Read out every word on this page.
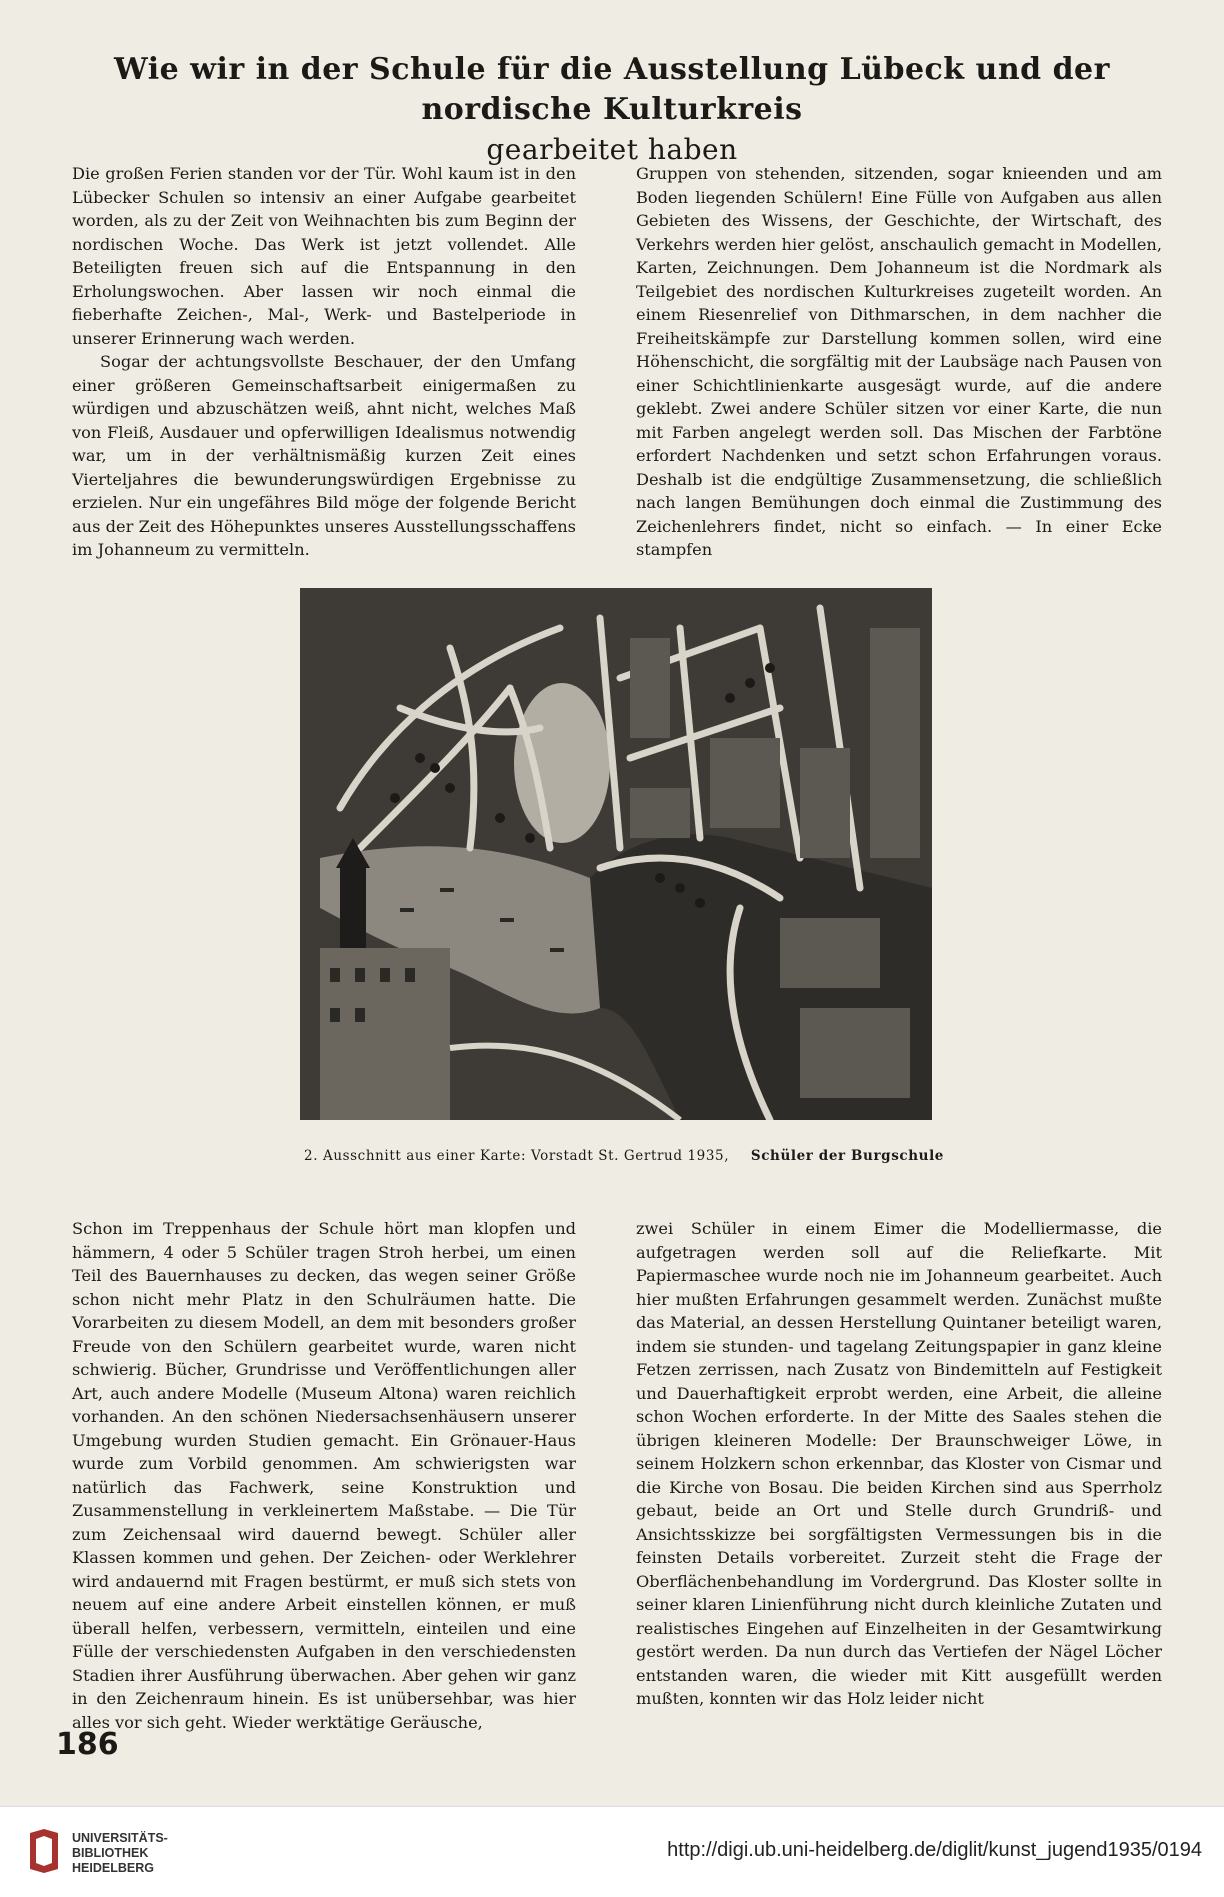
Wie wir in der Schule für die Ausstellung Lübeck und der nordische Kulturkreis
gearbeitet haben

Die großen Ferien standen vor der Tür. Wohl kaum ist in den Lübecker Schulen so intensiv an einer Aufgabe gearbeitet worden, als zu der Zeit von Weihnachten bis zum Beginn der nordischen Woche. Das Werk ist jetzt vollendet. Alle Beteiligten freuen sich auf die Entspannung in den Erholungswochen. Aber lassen wir noch einmal die fieberhafte Zeichen-, Mal-, Werk- und Bastelperiode in unserer Erinnerung wach werden.

Sogar der achtungsvollste Beschauer, der den Umfang einer größeren Gemeinschaftsarbeit einigermaßen zu würdigen und abzuschätzen weiß, ahnt nicht, welches Maß von Fleiß, Ausdauer und opferwilligen Idealismus notwendig war, um in der verhältnismäßig kurzen Zeit eines Vierteljahres die bewunderungswürdigen Ergebnisse zu erzielen. Nur ein ungefähres Bild möge der folgende Bericht aus der Zeit des Höhepunktes unseres Ausstellungsschaffens im Johanneum zu vermitteln.

Gruppen von stehenden, sitzenden, sogar knieenden und am Boden liegenden Schülern! Eine Fülle von Aufgaben aus allen Gebieten des Wissens, der Geschichte, der Wirtschaft, des Verkehrs werden hier gelöst, anschaulich gemacht in Modellen, Karten, Zeichnungen. Dem Johanneum ist die Nordmark als Teilgebiet des nordischen Kulturkreises zugeteilt worden. An einem Riesenrelief von Dithmarschen, in dem nachher die Freiheitskämpfe zur Darstellung kommen sollen, wird eine Höhenschicht, die sorgfältig mit der Laubsäge nach Pausen von einer Schichtlinienkarte ausgesägt wurde, auf die andere geklebt. Zwei andere Schüler sitzen vor einer Karte, die nun mit Farben angelegt werden soll. Das Mischen der Farbtöne erfordert Nachdenken und setzt schon Erfahrungen voraus. Deshalb ist die endgültige Zusammensetzung, die schließlich nach langen Bemühungen doch einmal die Zustimmung des Zeichenlehrers findet, nicht so einfach. — In einer Ecke stampfen

2. Ausschnitt aus einer Karte: Vorstadt St. Gertrud 1935, Schüler der Burgschule

Schon im Treppenhaus der Schule hört man klopfen und hämmern, 4 oder 5 Schüler tragen Stroh herbei, um einen Teil des Bauernhauses zu decken, das wegen seiner Größe schon nicht mehr Platz in den Schulräumen hatte. Die Vorarbeiten zu diesem Modell, an dem mit besonders großer Freude von den Schülern gearbeitet wurde, waren nicht schwierig. Bücher, Grundrisse und Veröffentlichungen aller Art, auch andere Modelle (Museum Altona) waren reichlich vorhanden. An den schönen Niedersachsenhäusern unserer Umgebung wurden Studien gemacht. Ein Grönauer-Haus wurde zum Vorbild genommen. Am schwierigsten war natürlich das Fachwerk, seine Konstruktion und Zusammenstellung in verkleinertem Maßstabe. — Die Tür zum Zeichensaal wird dauernd bewegt. Schüler aller Klassen kommen und gehen. Der Zeichen- oder Werklehrer wird andauernd mit Fragen bestürmt, er muß sich stets von neuem auf eine andere Arbeit einstellen können, er muß überall helfen, verbessern, vermitteln, einteilen und eine Fülle der verschiedensten Aufgaben in den verschiedensten Stadien ihrer Ausführung überwachen. Aber gehen wir ganz in den Zeichenraum hinein. Es ist unübersehbar, was hier alles vor sich geht. Wieder werktätige Geräusche,

zwei Schüler in einem Eimer die Modelliermasse, die aufgetragen werden soll auf die Reliefkarte. Mit Papiermaschee wurde noch nie im Johanneum gearbeitet. Auch hier mußten Erfahrungen gesammelt werden. Zunächst mußte das Material, an dessen Herstellung Quintaner beteiligt waren, indem sie stunden- und tagelang Zeitungspapier in ganz kleine Fetzen zerrissen, nach Zusatz von Bindemitteln auf Festigkeit und Dauerhaftigkeit erprobt werden, eine Arbeit, die alleine schon Wochen erforderte. In der Mitte des Saales stehen die übrigen kleineren Modelle: Der Braunschweiger Löwe, in seinem Holzkern schon erkennbar, das Kloster von Cismar und die Kirche von Bosau. Die beiden Kirchen sind aus Sperrholz gebaut, beide an Ort und Stelle durch Grundriß- und Ansichtsskizze bei sorgfältigsten Vermessungen bis in die feinsten Details vorbereitet. Zurzeit steht die Frage der Oberflächenbehandlung im Vordergrund. Das Kloster sollte in seiner klaren Linienführung nicht durch kleinliche Zutaten und realistisches Eingehen auf Einzelheiten in der Gesamtwirkung gestört werden. Da nun durch das Vertiefen der Nägel Löcher entstanden waren, die wieder mit Kitt ausgefüllt werden mußten, konnten wir das Holz leider nicht

186
UNIVERSITÄTS-
BIBLIOTHEK
HEIDELBERG
http://digi.ub.uni-heidelberg.de/diglit/kunst_jugend1935/0194
